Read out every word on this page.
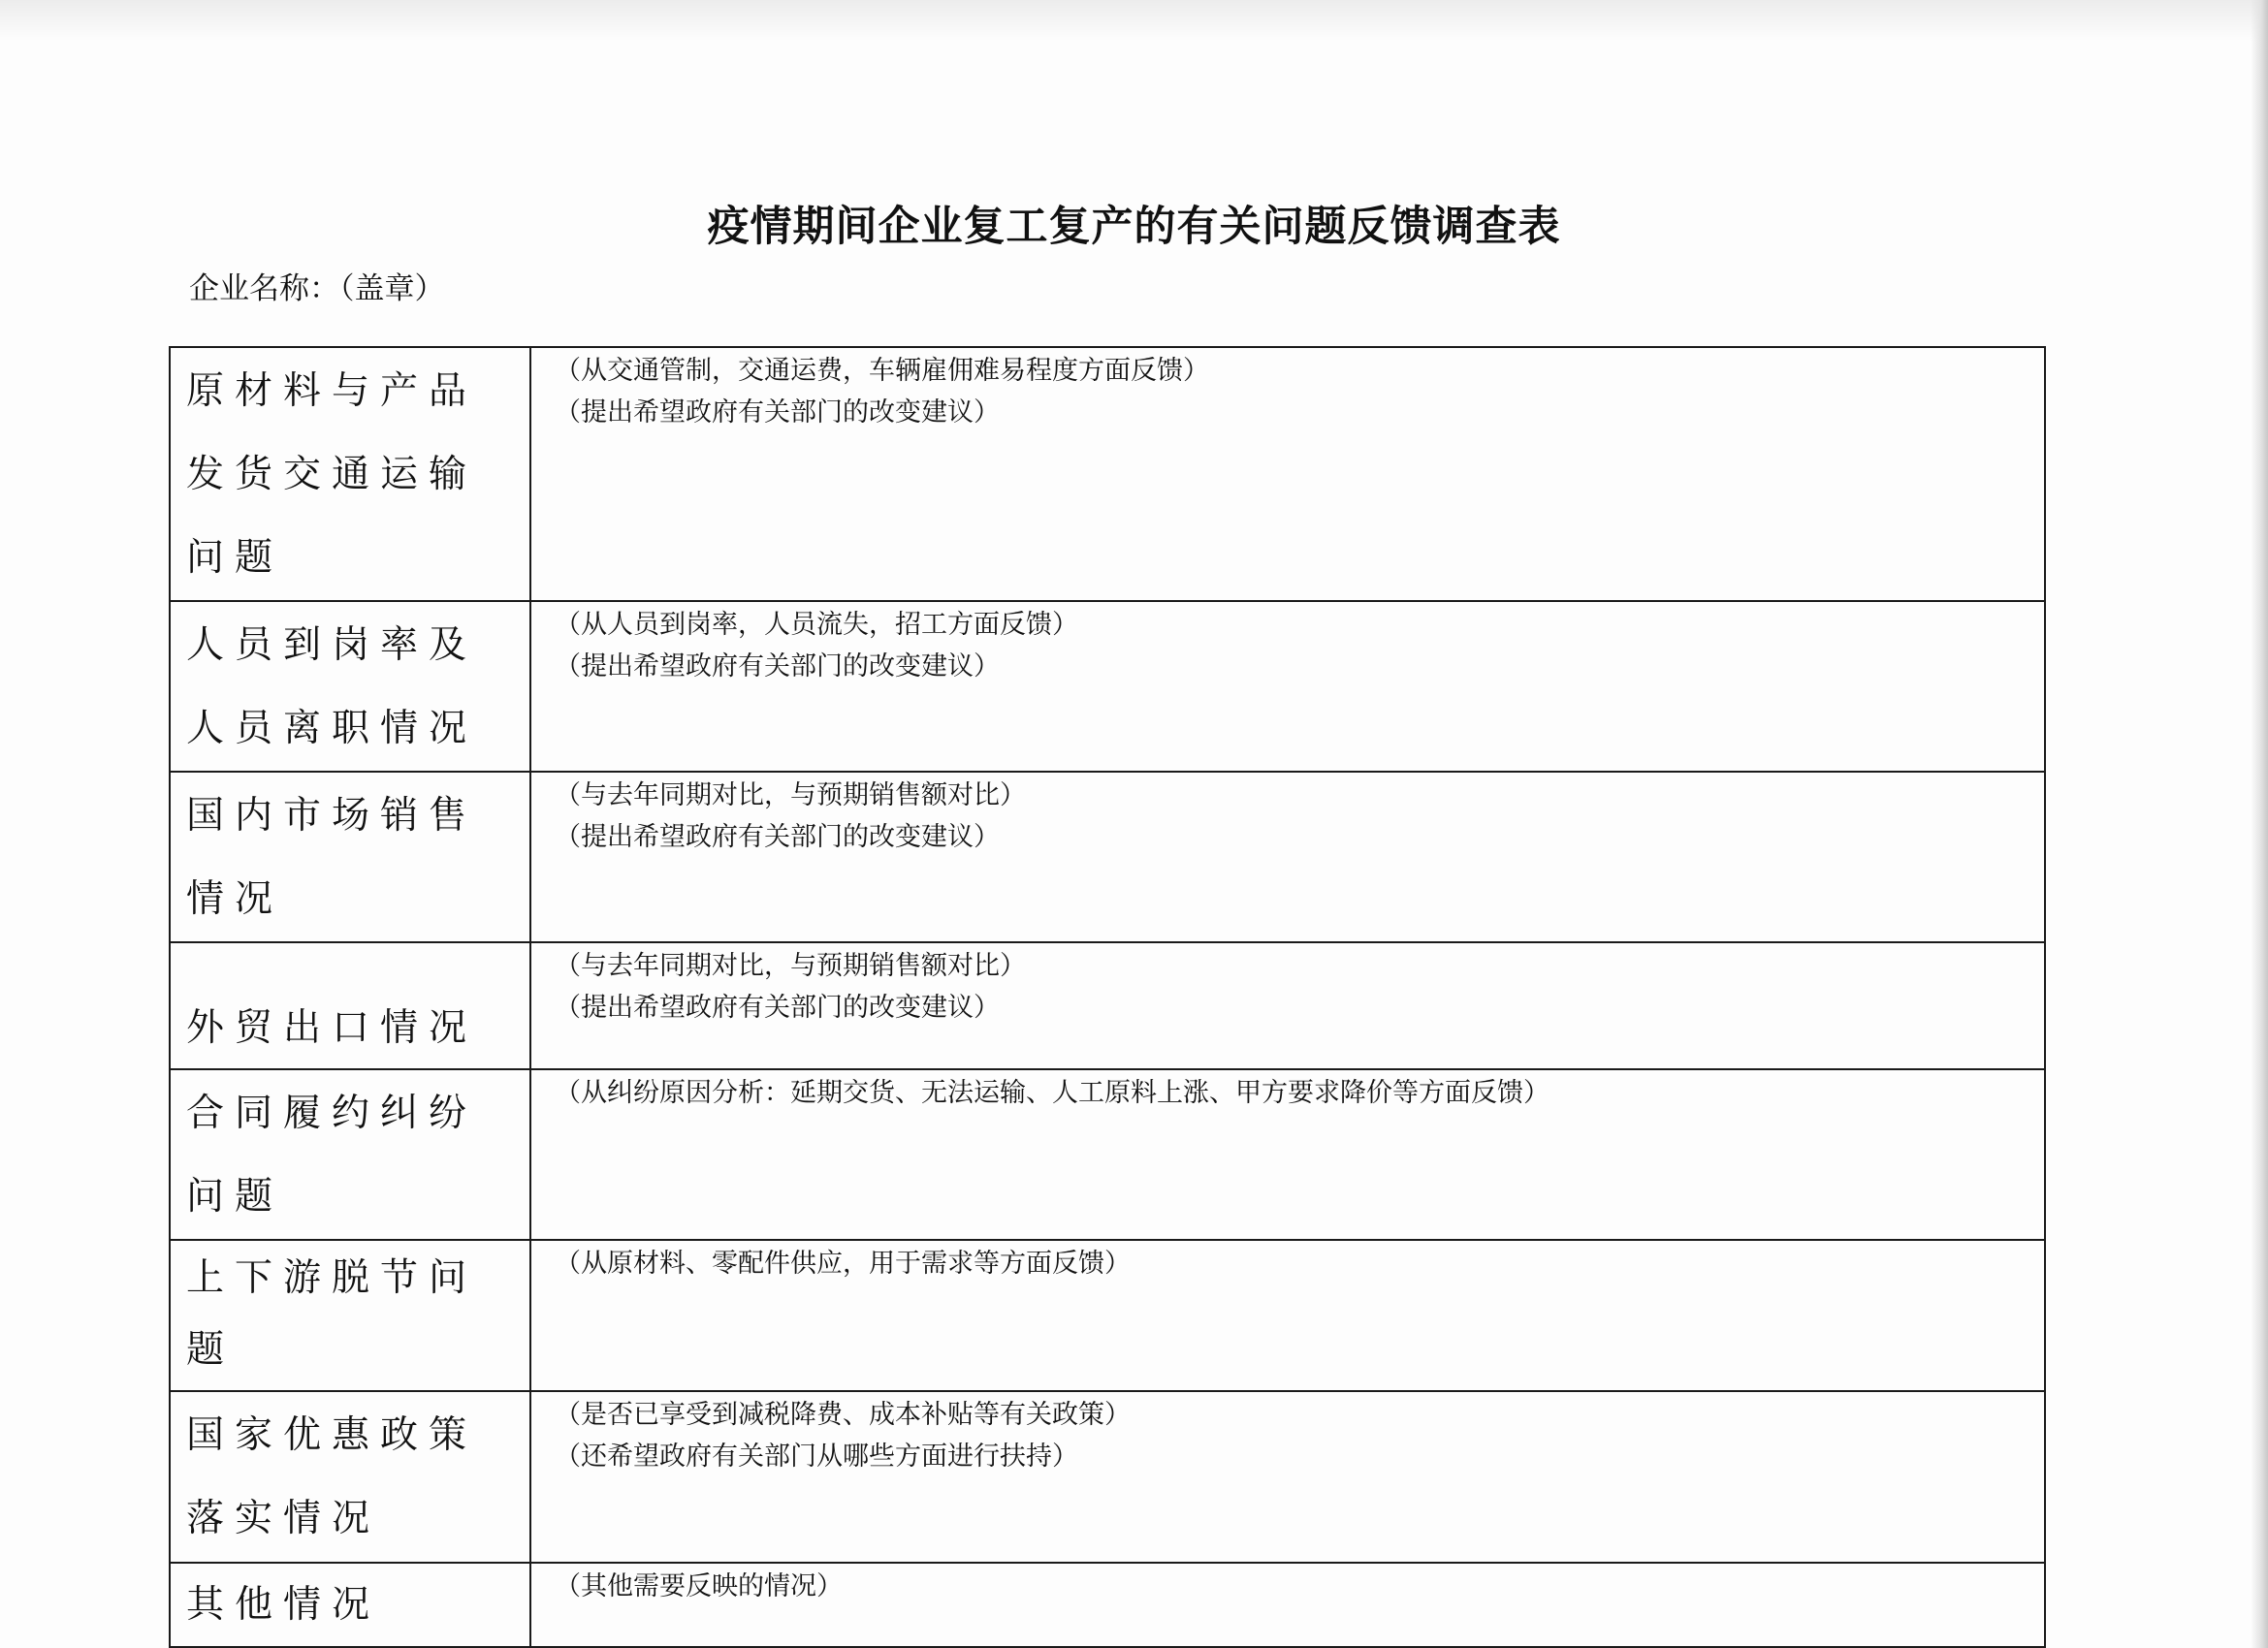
疫情期间企业复工复产的有关问题反馈调查表
企业名称：（盖章）
原材料与产品发货交通运输问题	（从交通管制，交通运费，车辆雇佣难易程度方面反馈）
（提出希望政府有关部门的改变建议）

人员到岗率及人员离职情况	（从人员到岗率，人员流失，招工方面反馈）
（提出希望政府有关部门的改变建议）

国内市场销售情况	（与去年同期对比，与预期销售额对比）
（提出希望政府有关部门的改变建议）

外贸出口情况	（与去年同期对比，与预期销售额对比）
（提出希望政府有关部门的改变建议）

合同履约纠纷问题	（从纠纷原因分析：延期交货、无法运输、人工原料上涨、甲方要求降价等方面反馈）

上下游脱节问题	（从原材料、零配件供应，用于需求等方面反馈）

国家优惠政策落实情况	（是否已享受到减税降费、成本补贴等有关政策）
（还希望政府有关部门从哪些方面进行扶持）

其他情况	（其他需要反映的情况）
